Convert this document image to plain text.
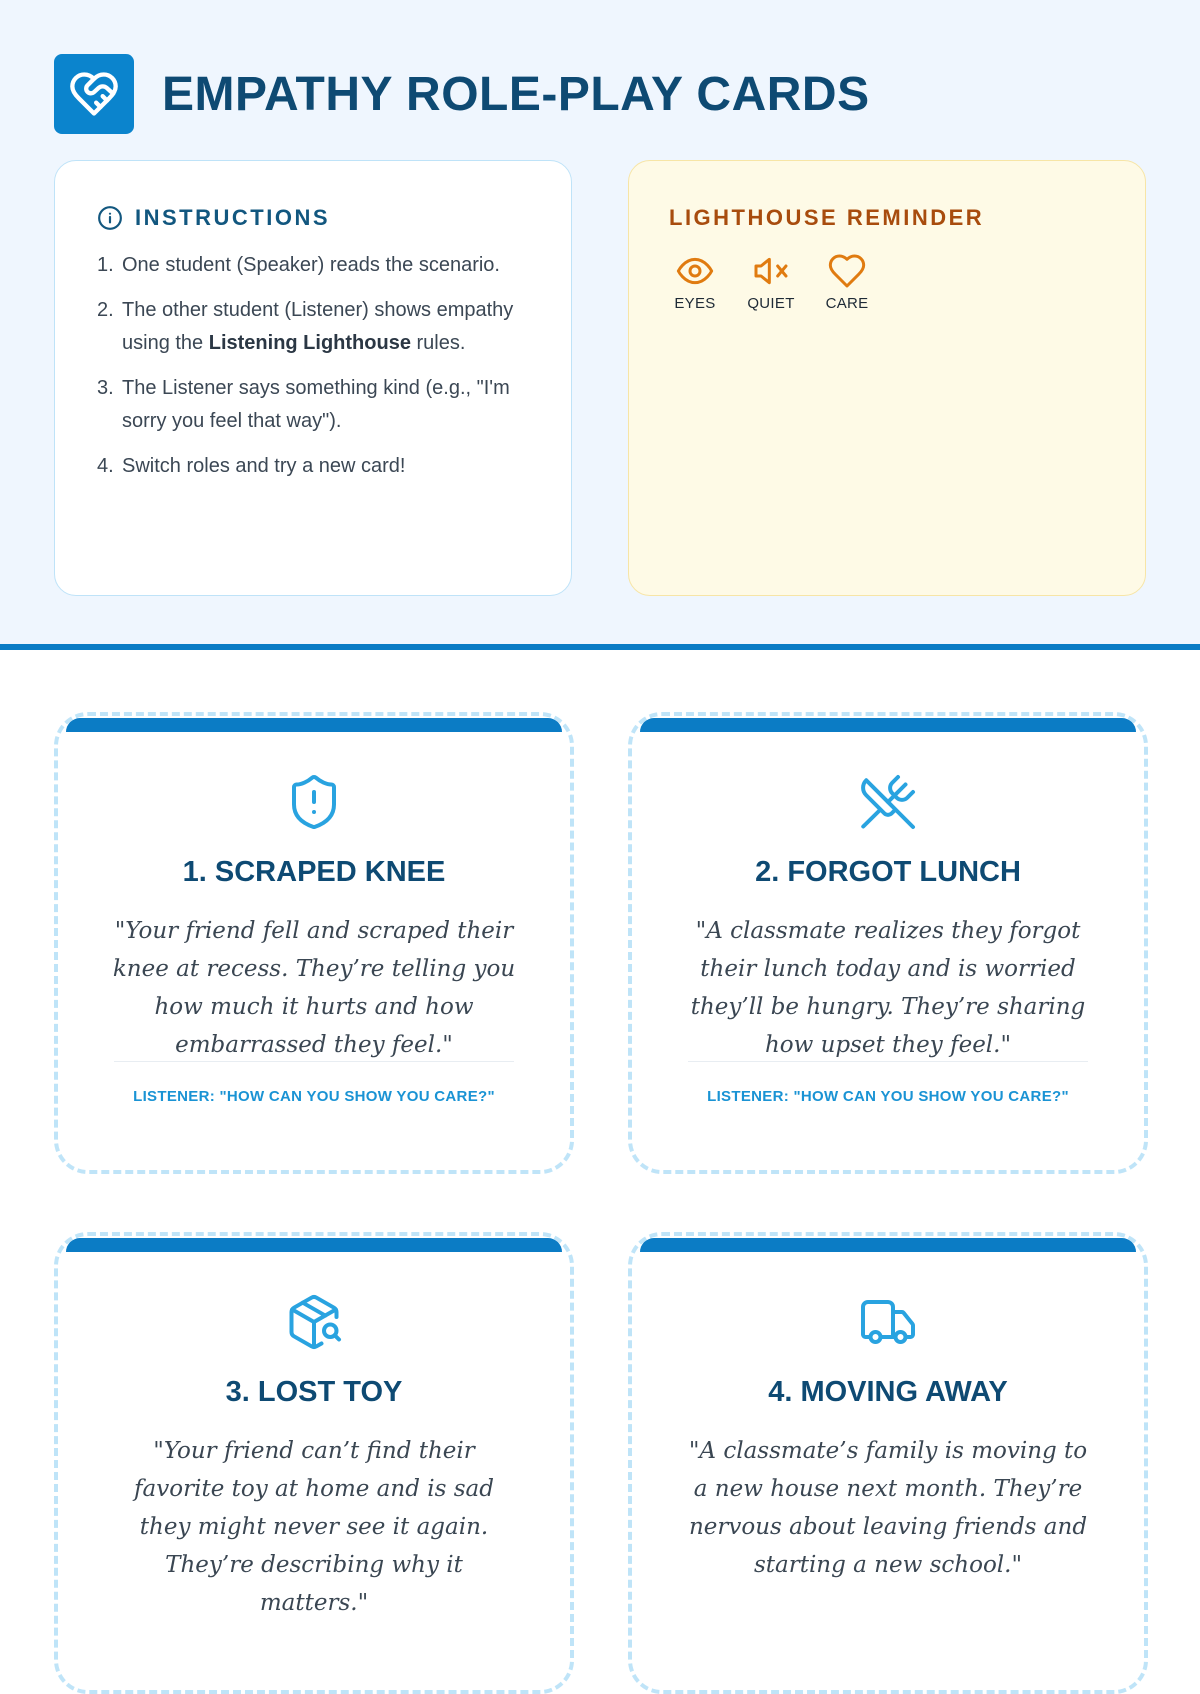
EMPATHY ROLE-PLAY CARDS
INSTRUCTIONS
1. One student (Speaker) reads the scenario.
2. The other student (Listener) shows empathy using the Listening Lighthouse rules.
3. The Listener says something kind (e.g., "I'm sorry you feel that way").
4. Switch roles and try a new card!
LIGHTHOUSE REMINDER
EYES QUIET CARE
1. SCRAPED KNEE
"Your friend fell and scraped their knee at recess. They’re telling you how much it hurts and how embarrassed they feel."
LISTENER: "HOW CAN YOU SHOW YOU CARE?"
2. FORGOT LUNCH
"A classmate realizes they forgot their lunch today and is worried they’ll be hungry. They’re sharing how upset they feel."
LISTENER: "HOW CAN YOU SHOW YOU CARE?"
3. LOST TOY
"Your friend can’t find their favorite toy at home and is sad they might never see it again. They’re describing why it matters."
4. MOVING AWAY
"A classmate’s family is moving to a new house next month. They’re nervous about leaving friends and starting a new school."
